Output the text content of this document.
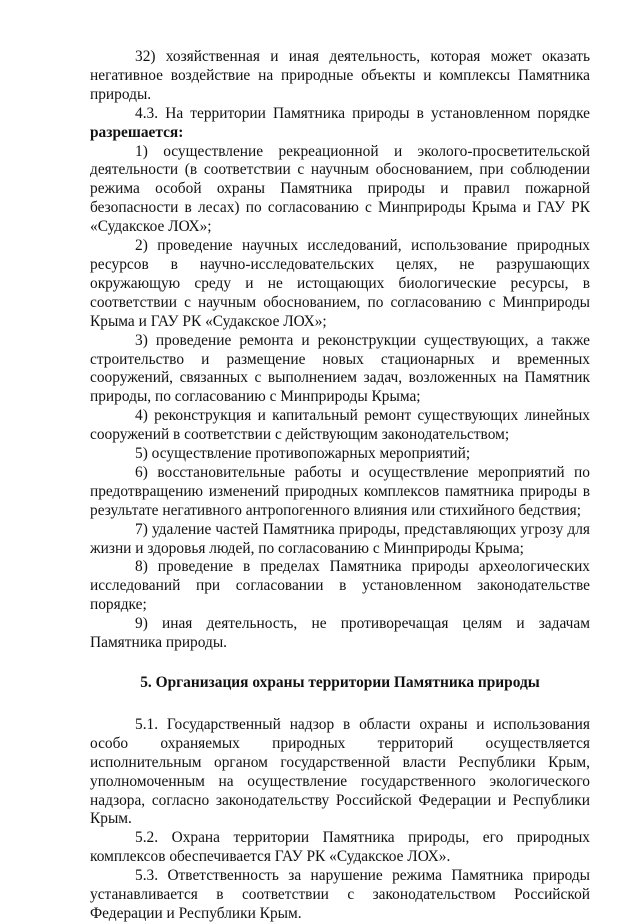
32) хозяйственная и иная деятельность, которая может оказать негативное воздействие на природные объекты и комплексы Памятника природы.

4.3. На территории Памятника природы в установленном порядке разрешается:

1) осуществление рекреационной и эколого-просветительской деятельности (в соответствии с научным обоснованием, при соблюдении режима особой охраны Памятника природы и правил пожарной безопасности в лесах) по согласованию с Минприроды Крыма и ГАУ РК «Судакское ЛОХ»;

2) проведение научных исследований, использование природных ресурсов в научно-исследовательских целях, не разрушающих окружающую среду и не истощающих биологические ресурсы, в соответствии с научным обоснованием, по согласованию с Минприроды Крыма и ГАУ РК «Судакское ЛОХ»;

3) проведение ремонта и реконструкции существующих, а также строительство и размещение новых стационарных и временных сооружений, связанных с выполнением задач, возложенных на Памятник природы, по согласованию с Минприроды Крыма;

4) реконструкция и капитальный ремонт существующих линейных сооружений в соответствии с действующим законодательством;

5) осуществление противопожарных мероприятий;

6) восстановительные работы и осуществление мероприятий по предотвращению изменений природных комплексов памятника природы в результате негативного антропогенного влияния или стихийного бедствия;

7) удаление частей Памятника природы, представляющих угрозу для жизни и здоровья людей, по согласованию с Минприроды Крыма;

8) проведение в пределах Памятника природы археологических исследований при согласовании в установленном законодательстве порядке;

9) иная деятельность, не противоречащая целям и задачам Памятника природы.

5. Организация охраны территории Памятника природы

5.1. Государственный надзор в области охраны и использования особо охраняемых природных территорий осуществляется исполнительным органом государственной власти Республики Крым, уполномоченным на осуществление государственного экологического надзора, согласно законодательству Российской Федерации и Республики Крым.

5.2. Охрана территории Памятника природы, его природных комплексов обеспечивается ГАУ РК «Судакское ЛОХ».

5.3. Ответственность за нарушение режима Памятника природы устанавливается в соответствии с законодательством Российской Федерации и Республики Крым.
